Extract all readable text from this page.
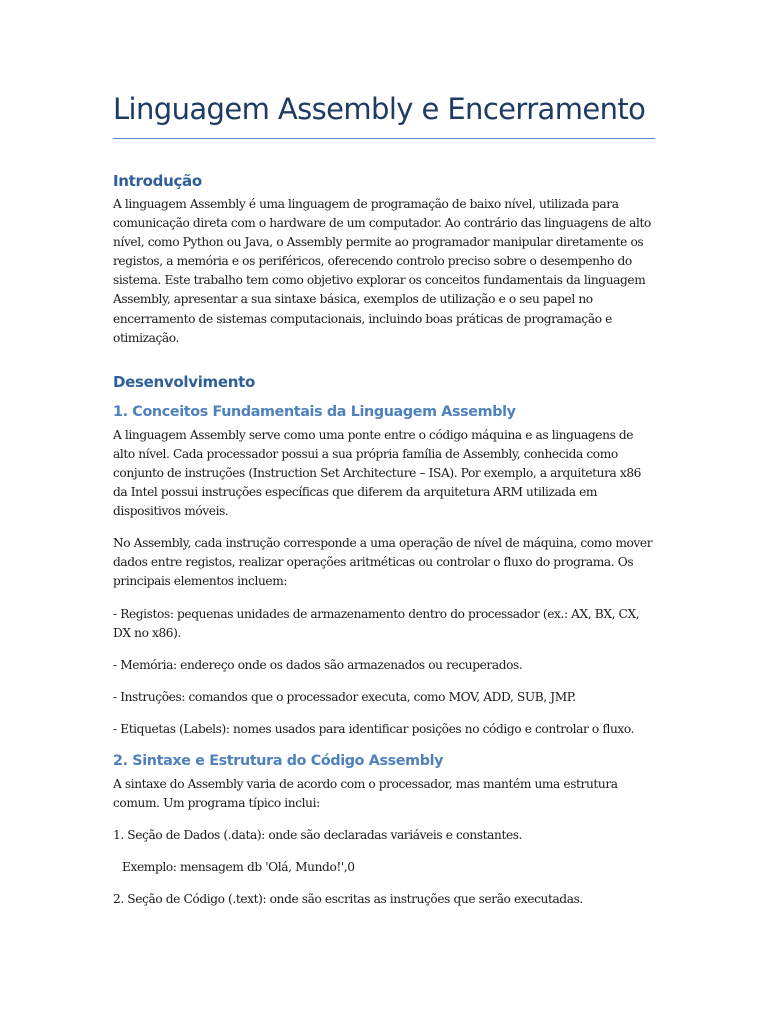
Linguagem Assembly e Encerramento
Introdução

A linguagem Assembly é uma linguagem de programação de baixo nível, utilizada para comunicação direta com o hardware de um computador. Ao contrário das linguagens de alto nível, como Python ou Java, o Assembly permite ao programador manipular diretamente os registos, a memória e os periféricos, oferecendo controlo preciso sobre o desempenho do sistema. Este trabalho tem como objetivo explorar os conceitos fundamentais da linguagem Assembly, apresentar a sua sintaxe básica, exemplos de utilização e o seu papel no encerramento de sistemas computacionais, incluindo boas práticas de programação e otimização.

Desenvolvimento
1. Conceitos Fundamentais da Linguagem Assembly

A linguagem Assembly serve como uma ponte entre o código máquina e as linguagens de alto nível. Cada processador possui a sua própria família de Assembly, conhecida como conjunto de instruções (Instruction Set Architecture – ISA). Por exemplo, a arquitetura x86 da Intel possui instruções específicas que diferem da arquitetura ARM utilizada em dispositivos móveis.

No Assembly, cada instrução corresponde a uma operação de nível de máquina, como mover dados entre registos, realizar operações aritméticas ou controlar o fluxo do programa. Os principais elementos incluem:

- Registos: pequenas unidades de armazenamento dentro do processador (ex.: AX, BX, CX, DX no x86).

- Memória: endereço onde os dados são armazenados ou recuperados.

- Instruções: comandos que o processador executa, como MOV, ADD, SUB, JMP.

- Etiquetas (Labels): nomes usados para identificar posições no código e controlar o fluxo.

2. Sintaxe e Estrutura do Código Assembly

A sintaxe do Assembly varia de acordo com o processador, mas mantém uma estrutura comum. Um programa típico inclui:

1. Seção de Dados (.data): onde são declaradas variáveis e constantes.

Exemplo: mensagem db 'Olá, Mundo!',0

2. Seção de Código (.text): onde são escritas as instruções que serão executadas.
